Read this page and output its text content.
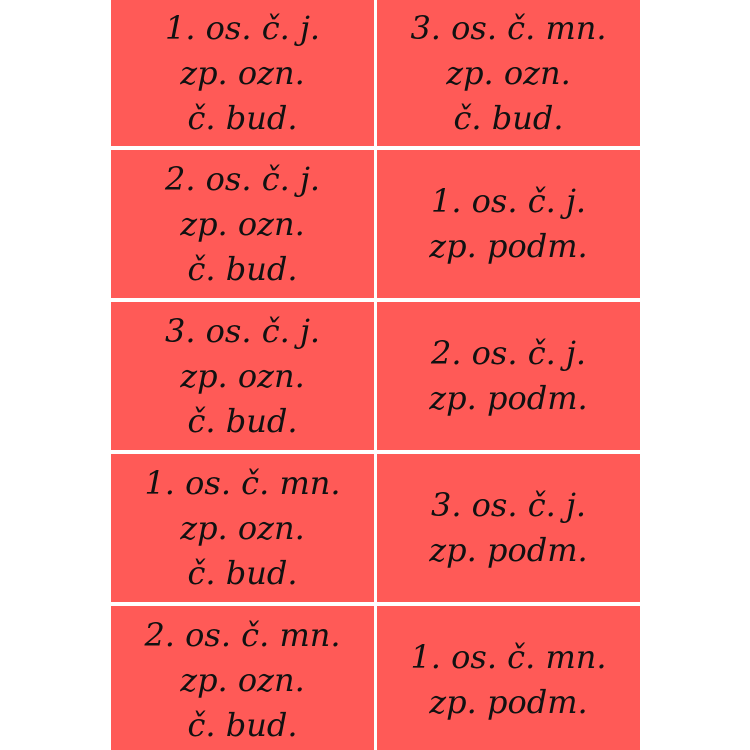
1. os. č. j.
zp. ozn.
č. bud.
3. os. č. mn.
zp. ozn.
č. bud.
2. os. č. j.
zp. ozn.
č. bud.
1. os. č. j.
zp. podm.
3. os. č. j.
zp. ozn.
č. bud.
2. os. č. j.
zp. podm.
1. os. č. mn.
zp. ozn.
č. bud.
3. os. č. j.
zp. podm.
2. os. č. mn.
zp. ozn.
č. bud.
1. os. č. mn.
zp. podm.
